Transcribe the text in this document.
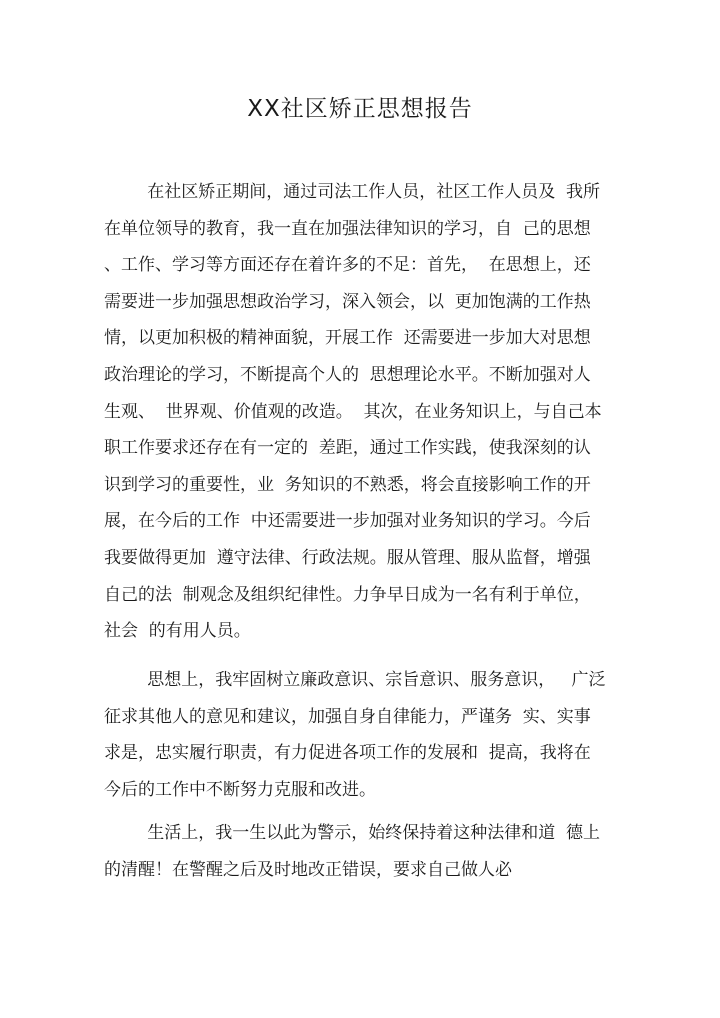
XX社区矫正思想报告
在社区矫正期间，通过司法工作人员，社区工作人员及  我所
在单位领导的教育，我一直在加强法律知识的学习，自  己的思想
、工作、学习等方面还存在着许多的不足：首先，  在思想上，还
需要进一步加强思想政治学习，深入领会，以  更加饱满的工作热
情，以更加积极的精神面貌，开展工作  还需要进一步加大对思想
政治理论的学习，不断提高个人的  思想理论水平。不断加强对人
生观、  世界观、价值观的改造。  其次，在业务知识上，与自己本
职工作要求还存在有一定的  差距，通过工作实践，使我深刻的认
识到学习的重要性，业  务知识的不熟悉，将会直接影响工作的开
展，在今后的工作  中还需要进一步加强对业务知识的学习。今后
我要做得更加  遵守法律、行政法规。服从管理、服从监督，增强
自己的法  制观念及组织纪律性。力争早日成为一名有利于单位，
社会  的有用人员。
思想上，我牢固树立廉政意识、宗旨意识、服务意识，   广泛
征求其他人的意见和建议，加强自身自律能力，严谨务  实、实事
求是，忠实履行职责，有力促进各项工作的发展和  提高，我将在
今后的工作中不断努力克服和改进。
生活上，我一生以此为警示，始终保持着这种法律和道  德上
的清醒！在警醒之后及时地改正错误，要求自己做人必
